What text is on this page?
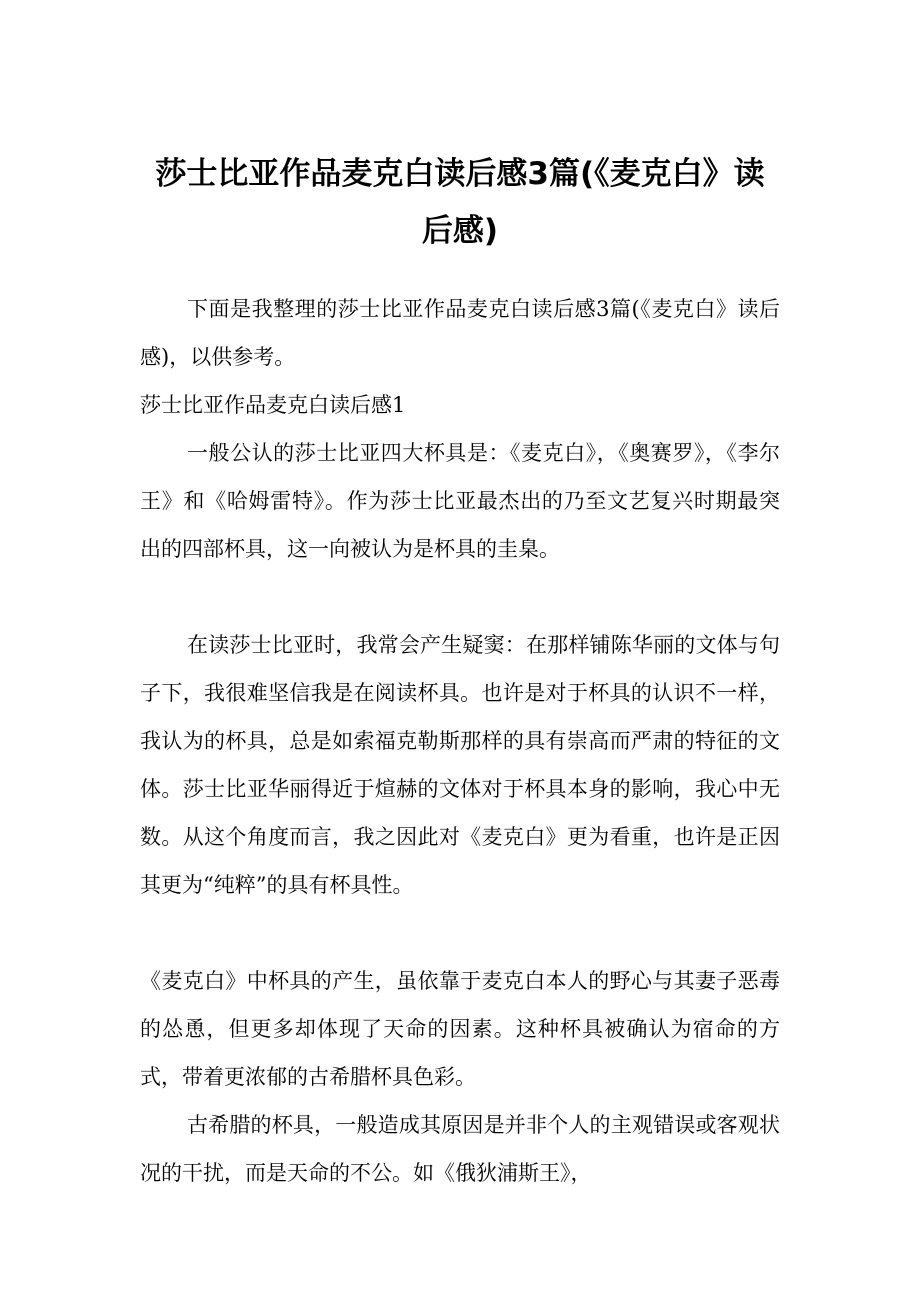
莎士比亚作品麦克白读后感3篇(《麦克白》读后感)

下面是我整理的莎士比亚作品麦克白读后感3篇(《麦克白》读后感)，以供参考。

莎士比亚作品麦克白读后感1

一般公认的莎士比亚四大杯具是：《麦克白》，《奥赛罗》，《李尔王》和《哈姆雷特》。作为莎士比亚最杰出的乃至文艺复兴时期最突出的四部杯具，这一向被认为是杯具的圭臬。

在读莎士比亚时，我常会产生疑窦：在那样铺陈华丽的文体与句子下，我很难坚信我是在阅读杯具。也许是对于杯具的认识不一样，我认为的杯具，总是如索福克勒斯那样的具有崇高而严肃的特征的文体。莎士比亚华丽得近于煊赫的文体对于杯具本身的影响，我心中无数。从这个角度而言，我之因此对《麦克白》更为看重，也许是正因其更为“纯粹”的具有杯具性。

《麦克白》中杯具的产生，虽依靠于麦克白本人的野心与其妻子恶毒的怂恿，但更多却体现了天命的因素。这种杯具被确认为宿命的方式，带着更浓郁的古希腊杯具色彩。

古希腊的杯具，一般造成其原因是并非个人的主观错误或客观状况的干扰，而是天命的不公。如《俄狄浦斯王》，
